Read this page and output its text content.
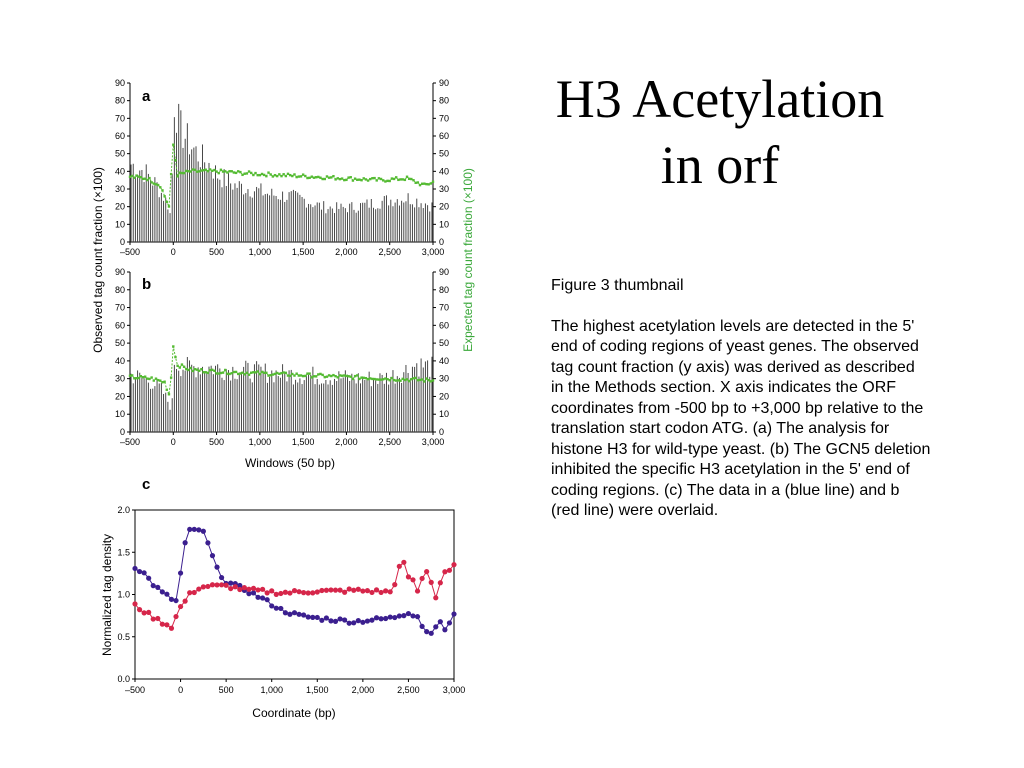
H3 Acetylation
in orf

Figure 3 thumbnail

The highest acetylation levels are detected in the 5' end of coding regions of yeast genes. The observed tag count fraction (y axis) was derived as described in the Methods section. X axis indicates the ORF coordinates from -500 bp to +3,000 bp relative to the translation start codon ATG. (a) The analysis for histone H3 for wild-type yeast. (b) The GCN5 deletion inhibited the specific H3 acetylation in the 5' end of coding regions. (c) The data in a (blue line) and b (red line) were overlaid.

0	0
10	10
20	20
30	30
40	40
50	50
60	60
70	70
80	80
90	90
–500	0	500	1,000 1,500 2,000 2,500 3,000
0	0
10	10
20	20
30	30
40	40
50	50
60	60
70	70
80	80
90	90
–500	0	500	1,000 1,500 2,000 2,500 3,000
0.0
0.5
1.0
1.5
2.0
–500	0	500	1,000	1,500	2,000	2,500	3,000
a
b
c
Observed tag count fraction (×100)	Expected tag count fraction (×100)
Windows (50 bp)
Coordinate (bp)
Normalized tag density
